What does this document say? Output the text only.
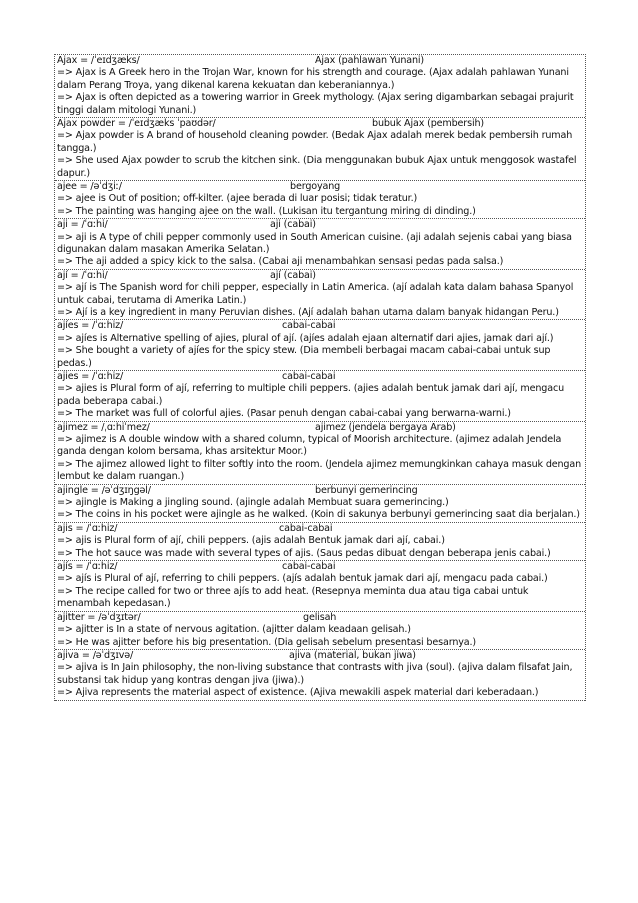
Ajax = /ˈeɪdʒæks/	Ajax (pahlawan Yunani)
=> Ajax is A Greek hero in the Trojan War, known for his strength and courage. (Ajax adalah pahlawan Yunani dalam Perang Troya, yang dikenal karena kekuatan dan keberaniannya.)
=> Ajax is often depicted as a towering warrior in Greek mythology. (Ajax sering digambarkan sebagai prajurit tinggi dalam mitologi Yunani.)
Ajax powder = /ˈeɪdʒæks ˈpaʊdər/	bubuk Ajax (pembersih)
=> Ajax powder is A brand of household cleaning powder. (Bedak Ajax adalah merek bedak pembersih rumah tangga.)
=> She used Ajax powder to scrub the kitchen sink. (Dia menggunakan bubuk Ajax untuk menggosok wastafel dapur.)
ajee = /əˈdʒiː/	bergoyang
=> ajee is Out of position; off-kilter. (ajee berada di luar posisi; tidak teratur.)
=> The painting was hanging ajee on the wall. (Lukisan itu tergantung miring di dinding.)
aji = /ˈɑːhi/	aji (cabai)
=> aji is A type of chili pepper commonly used in South American cuisine. (aji adalah sejenis cabai yang biasa digunakan dalam masakan Amerika Selatan.)
=> The aji added a spicy kick to the salsa. (Cabai aji menambahkan sensasi pedas pada salsa.)
ají = /ˈɑːhi/	ají (cabai)
=> ají is The Spanish word for chili pepper, especially in Latin America. (ají adalah kata dalam bahasa Spanyol untuk cabai, terutama di Amerika Latin.)
=> Ají is a key ingredient in many Peruvian dishes. (Ají adalah bahan utama dalam banyak hidangan Peru.)
ajíes = /ˈɑːhiz/	cabai-cabai
=> ajíes is Alternative spelling of ajies, plural of ají. (ajíes adalah ejaan alternatif dari ajies, jamak dari ají.)
=> She bought a variety of ajíes for the spicy stew. (Dia membeli berbagai macam cabai-cabai untuk sup pedas.)
ajies = /ˈɑːhiz/	cabai-cabai
=> ajies is Plural form of ají, referring to multiple chili peppers. (ajies adalah bentuk jamak dari ají, mengacu pada beberapa cabai.)
=> The market was full of colorful ajies. (Pasar penuh dengan cabai-cabai yang berwarna-warni.)
ajimez = /ˌɑːhiˈmez/	ajimez (jendela bergaya Arab)
=> ajimez is A double window with a shared column, typical of Moorish architecture. (ajimez adalah Jendela ganda dengan kolom bersama, khas arsitektur Moor.)
=> The ajimez allowed light to filter softly into the room. (Jendela ajimez memungkinkan cahaya masuk dengan lembut ke dalam ruangan.)
ajingle = /əˈdʒɪŋgəl/	berbunyi gemerincing
=> ajingle is Making a jingling sound. (ajingle adalah Membuat suara gemerincing.)
=> The coins in his pocket were ajingle as he walked. (Koin di sakunya berbunyi gemerincing saat dia berjalan.)
ajis = /ˈɑːhiz/	cabai-cabai
=> ajis is Plural form of ají, chili peppers. (ajis adalah Bentuk jamak dari ají, cabai.)
=> The hot sauce was made with several types of ajis. (Saus pedas dibuat dengan beberapa jenis cabai.)
ajís = /ˈɑːhiz/	cabai-cabai
=> ajís is Plural of ají, referring to chili peppers. (ajís adalah bentuk jamak dari ají, mengacu pada cabai.)
=> The recipe called for two or three ajís to add heat. (Resepnya meminta dua atau tiga cabai untuk menambah kepedasan.)
ajitter = /əˈdʒɪtər/	gelisah
=> ajitter is In a state of nervous agitation. (ajitter dalam keadaan gelisah.)
=> He was ajitter before his big presentation. (Dia gelisah sebelum presentasi besarnya.)
ajiva = /əˈdʒɪvə/	ajiva (material, bukan jiwa)
=> ajiva is In Jain philosophy, the non-living substance that contrasts with jiva (soul). (ajiva dalam filsafat Jain, substansi tak hidup yang kontras dengan jiva (jiwa).)
=> Ajiva represents the material aspect of existence. (Ajiva mewakili aspek material dari keberadaan.)
